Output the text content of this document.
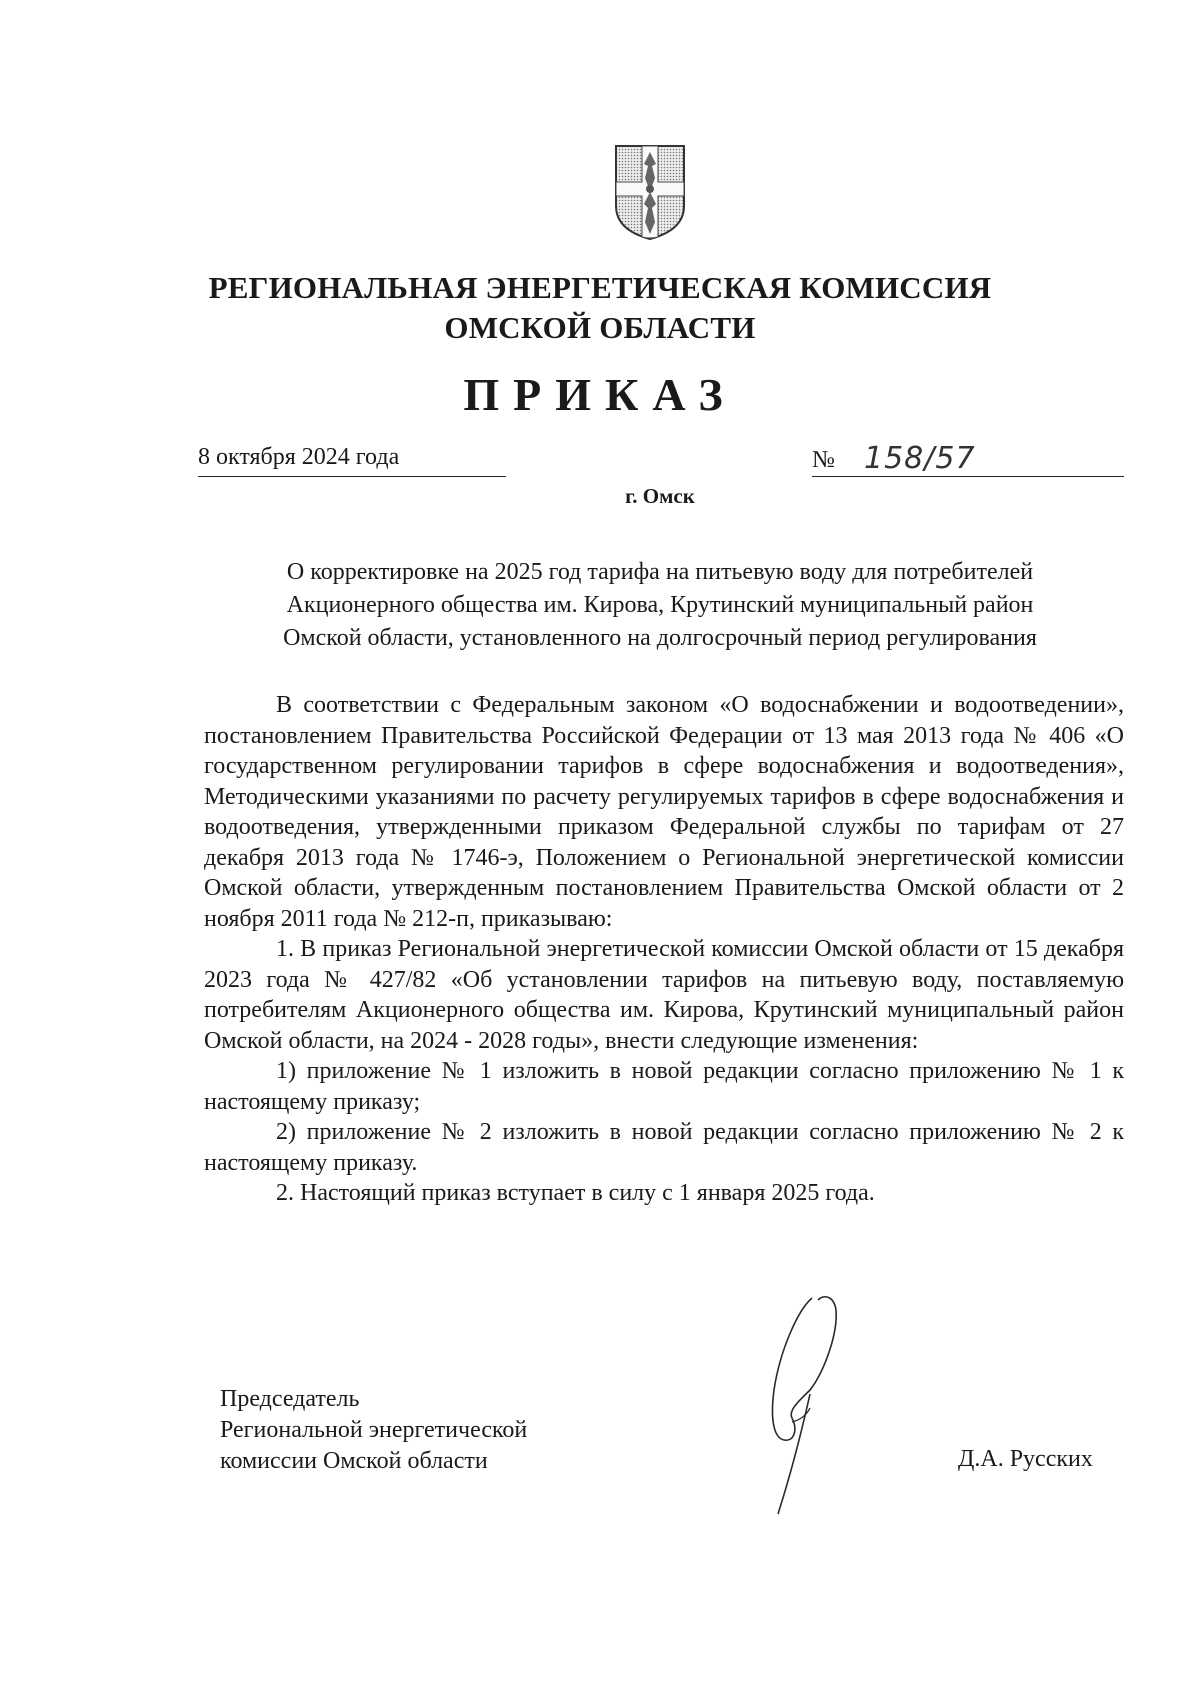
РЕГИОНАЛЬНАЯ ЭНЕРГЕТИЧЕСКАЯ КОМИССИЯ
ОМСКОЙ ОБЛАСТИ
ПРИКАЗ
8 октября 2024 года	№ 158/57
г. Омск
О корректировке на 2025 год тарифа на питьевую воду для потребителей
Акционерного общества им. Кирова, Крутинский муниципальный район
Омской области, установленного на долгосрочный период регулирования

В соответствии с Федеральным законом «О водоснабжении и водоотведении», постановлением Правительства Российской Федерации от 13 мая 2013 года № 406 «О государственном регулировании тарифов в сфере водоснабжения и водоотведения», Методическими указаниями по расчету регулируемых тарифов в сфере водоснабжения и водоотведения, утвержденными приказом Федеральной службы по тарифам от 27 декабря 2013 года № 1746-э, Положением о Региональной энергетической комиссии Омской области, утвержденным постановлением Правительства Омской области от 2 ноября 2011 года № 212-п, приказываю:

1. В приказ Региональной энергетической комиссии Омской области от 15 декабря 2023 года № 427/82 «Об установлении тарифов на питьевую воду, поставляемую потребителям Акционерного общества им. Кирова, Крутинский муниципальный район Омской области, на 2024 - 2028 годы», внести следующие изменения:

1) приложение № 1 изложить в новой редакции согласно приложению № 1 к настоящему приказу;

2) приложение № 2 изложить в новой редакции согласно приложению № 2 к настоящему приказу.

2. Настоящий приказ вступает в силу с 1 января 2025 года.

Председатель
Региональной энергетической
комиссии Омской области	Д.А. Русских
